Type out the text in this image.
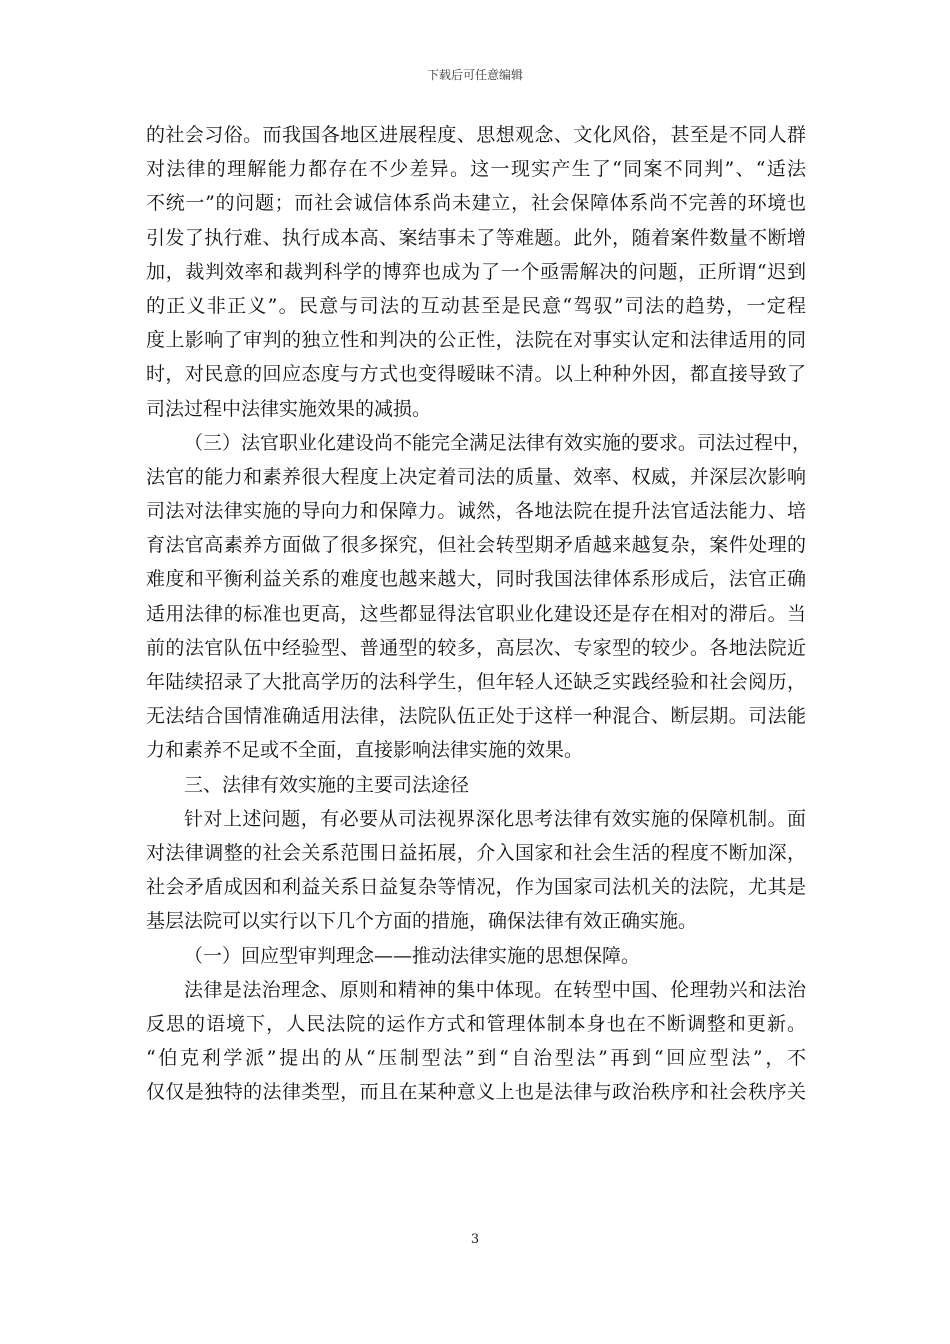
下载后可任意编辑
的社会习俗。而我国各地区进展程度、思想观念、文化风俗，甚至是不同人群
对法律的理解能力都存在不少差异。这一现实产生了“同案不同判”、“适法
不统一”的问题；而社会诚信体系尚未建立，社会保障体系尚不完善的环境也
引发了执行难、执行成本高、案结事未了等难题。此外，随着案件数量不断增
加，裁判效率和裁判科学的博弈也成为了一个亟需解决的问题，正所谓“迟到
的正义非正义”。民意与司法的互动甚至是民意“驾驭”司法的趋势，一定程
度上影响了审判的独立性和判决的公正性，法院在对事实认定和法律适用的同
时，对民意的回应态度与方式也变得暧昧不清。以上种种外因，都直接导致了
司法过程中法律实施效果的减损。
（三）法官职业化建设尚不能完全满足法律有效实施的要求。司法过程中，
法官的能力和素养很大程度上决定着司法的质量、效率、权威，并深层次影响
司法对法律实施的导向力和保障力。诚然，各地法院在提升法官适法能力、培
育法官高素养方面做了很多探究，但社会转型期矛盾越来越复杂，案件处理的
难度和平衡利益关系的难度也越来越大，同时我国法律体系形成后，法官正确
适用法律的标准也更高，这些都显得法官职业化建设还是存在相对的滞后。当
前的法官队伍中经验型、普通型的较多，高层次、专家型的较少。各地法院近
年陆续招录了大批高学历的法科学生，但年轻人还缺乏实践经验和社会阅历，
无法结合国情准确适用法律，法院队伍正处于这样一种混合、断层期。司法能
力和素养不足或不全面，直接影响法律实施的效果。
三、法律有效实施的主要司法途径
针对上述问题，有必要从司法视界深化思考法律有效实施的保障机制。面
对法律调整的社会关系范围日益拓展，介入国家和社会生活的程度不断加深，
社会矛盾成因和利益关系日益复杂等情况，作为国家司法机关的法院，尤其是
基层法院可以实行以下几个方面的措施，确保法律有效正确实施。
（一）回应型审判理念——推动法律实施的思想保障。
法律是法治理念、原则和精神的集中体现。在转型中国、伦理勃兴和法治
反思的语境下，人民法院的运作方式和管理体制本身也在不断调整和更新。
“伯克利学派”提出的从“压制型法”到“自治型法”再到“回应型法”，不
仅仅是独特的法律类型，而且在某种意义上也是法律与政治秩序和社会秩序关
3
